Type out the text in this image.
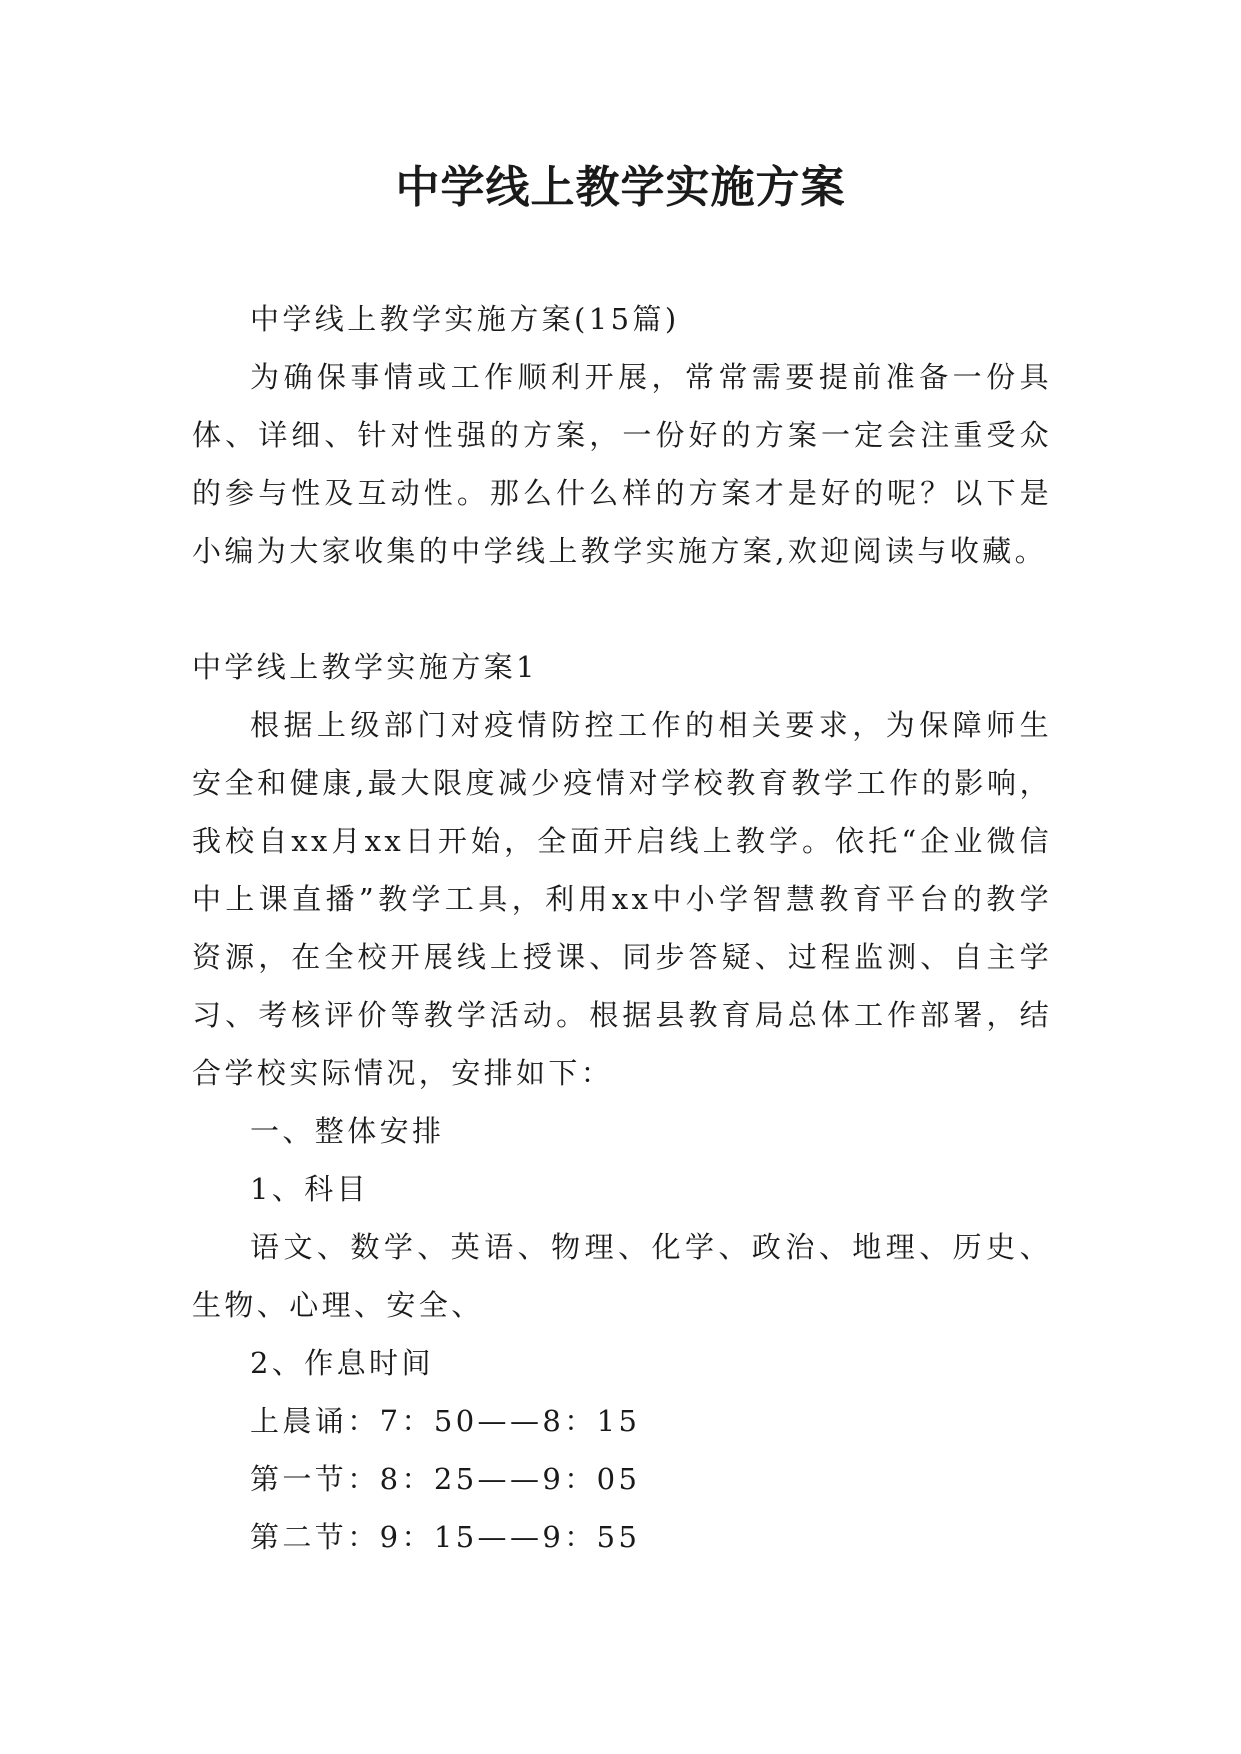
中学线上教学实施方案

中学线上教学实施方案(15篇)

为确保事情或工作顺利开展，常常需要提前准备一份具体、详细、针对性强的方案，一份好的方案一定会注重受众的参与性及互动性。那么什么样的方案才是好的呢？以下是小编为大家收集的中学线上教学实施方案,欢迎阅读与收藏。

中学线上教学实施方案1

根据上级部门对疫情防控工作的相关要求，为保障师生安全和健康,最大限度减少疫情对学校教育教学工作的影响，我校自xx月xx日开始，全面开启线上教学。依托“企业微信中上课直播”教学工具，利用xx中小学智慧教育平台的教学资源，在全校开展线上授课、同步答疑、过程监测、自主学习、考核评价等教学活动。根据县教育局总体工作部署，结合学校实际情况，安排如下：

一、整体安排

1、科目

语文、数学、英语、物理、化学、政治、地理、历史、生物、心理、安全、

2、作息时间

上晨诵：7：50——8：15

第一节：8：25——9：05

第二节：9：15——9：55
